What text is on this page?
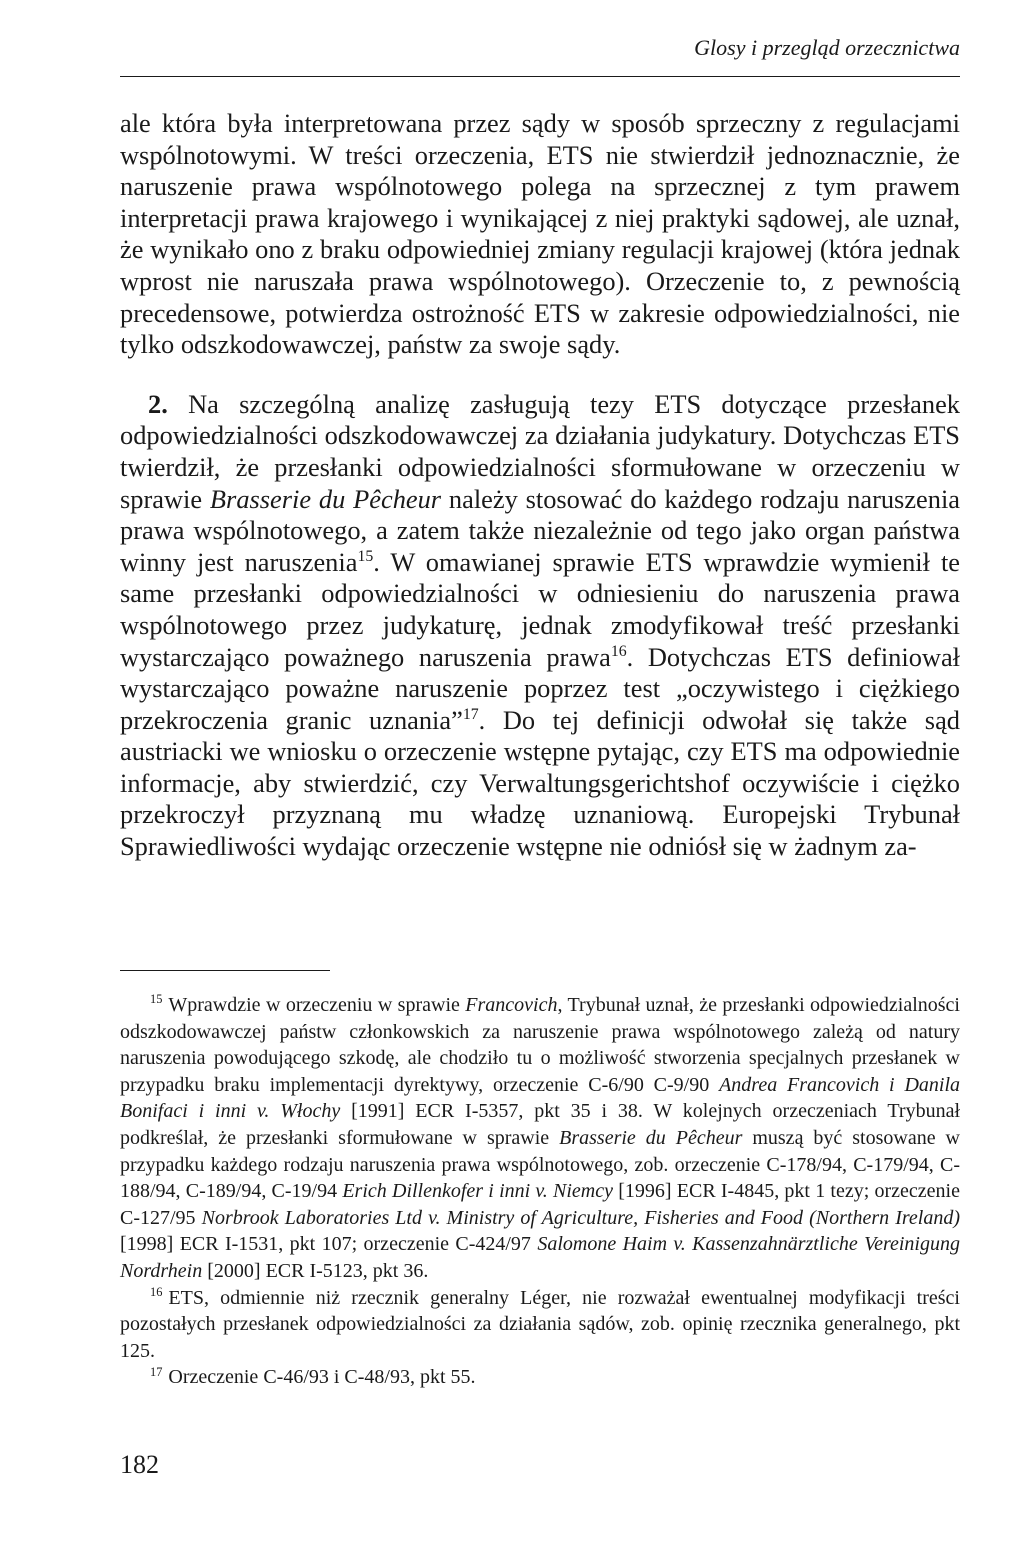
Glosy i przegląd orzecznictwa

ale która była interpretowana przez sądy w sposób sprzeczny z regulacjami wspólnotowymi. W treści orzeczenia, ETS nie stwierdził jednoznacznie, że naruszenie prawa wspólnotowego polega na sprzecznej z tym prawem interpretacji prawa krajowego i wynikającej z niej praktyki sądowej, ale uznał, że wynikało ono z braku odpowiedniej zmiany regulacji krajowej (która jednak wprost nie naruszała prawa wspólnotowego). Orzeczenie to, z pewnością precedensowe, potwierdza ostrożność ETS w zakresie odpowiedzialności, nie tylko odszkodowawczej, państw za swoje sądy.

2. Na szczególną analizę zasługują tezy ETS dotyczące przesłanek odpowiedzialności odszkodowawczej za działania judykatury. Dotychczas ETS twierdził, że przesłanki odpowiedzialności sformułowane w orzeczeniu w sprawie Brasserie du Pêcheur należy stosować do każdego rodzaju naruszenia prawa wspólnotowego, a zatem także niezależnie od tego jako organ państwa winny jest naruszenia$^{15}$. W omawianej sprawie ETS wprawdzie wymienił te same przesłanki odpowiedzialności w odniesieniu do naruszenia prawa wspólnotowego przez judykaturę, jednak zmodyfikował treść przesłanki wystarczająco poważnego naruszenia prawa$^{16}$. Dotychczas ETS definiował wystarczająco poważne naruszenie poprzez test „oczywistego i ciężkiego przekroczenia granic uznania”$^{17}$. Do tej definicji odwołał się także sąd austriacki we wniosku o orzeczenie wstępne pytając, czy ETS ma odpowiednie informacje, aby stwierdzić, czy Verwaltungsgerichtshof oczywiście i ciężko przekroczył przyznaną mu władzę uznaniową. Europejski Trybunał Sprawiedliwości wydając orzeczenie wstępne nie odniósł się w żadnym za-

$^{15}$ Wprawdzie w orzeczeniu w sprawie Francovich, Trybunał uznał, że przesłanki odpowiedzialności odszkodowawczej państw członkowskich za naruszenie prawa wspólnotowego zależą od natury naruszenia powodującego szkodę, ale chodziło tu o możliwość stworzenia specjalnych przesłanek w przypadku braku implementacji dyrektywy, orzeczenie C-6/90 C-9/90 Andrea Francovich i Danila Bonifaci i inni v. Włochy [1991] ECR I-5357, pkt 35 i 38. W kolejnych orzeczeniach Trybunał podkreślał, że przesłanki sformułowane w sprawie Brasserie du Pêcheur muszą być stosowane w przypadku każdego rodzaju naruszenia prawa wspólnotowego, zob. orzeczenie C-178/94, C-179/94, C-188/94, C-189/94, C-19/94 Erich Dillenkofer i inni v. Niemcy [1996] ECR I-4845, pkt 1 tezy; orzeczenie C-127/95 Norbrook Laboratories Ltd v. Ministry of Agriculture, Fisheries and Food (Northern Ireland) [1998] ECR I-1531, pkt 107; orzeczenie C-424/97 Salomone Haim v. Kassenzahnärztliche Vereinigung Nordrhein [2000] ECR I-5123, pkt 36.

$^{16}$ ETS, odmiennie niż rzecznik generalny Léger, nie rozważał ewentualnej modyfikacji treści pozostałych przesłanek odpowiedzialności za działania sądów, zob. opinię rzecznika generalnego, pkt 125.

$^{17}$ Orzeczenie C-46/93 i C-48/93, pkt 55.

182
